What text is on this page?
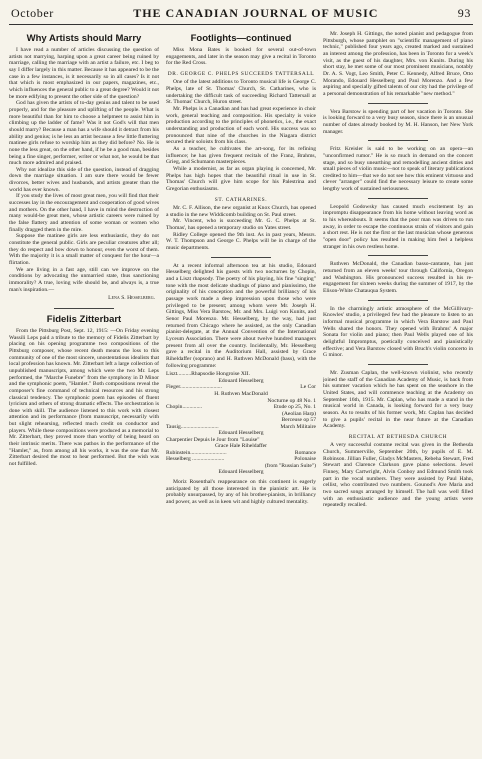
October	THE CANADIAN JOURNAL OF MUSIC	93
Why Artists should Marry

I have read a number of articles discussing the question of artists not marrying, harping upon a great career being ruined by marriage, calling the marriage with an artist a failure, etc. I beg to say I differ largely in this matter. Because it has appeared to be the case in a few instances, is it necessarily so in all cases? Is it not that which is most emphasized in our papers, magazines, etc., which influences the general public to a great degree? Would it not be more edifying to present the other side of the question?

God has given the artists of to-day genius and talent to be used properly, and for the pleasure and uplifting of the people. What is more beautiful than for him to choose a helpmeet to assist him in climbing up the ladder of fame? Was it not God's will that men should marry? Because a man has a wife should it detract from his ability and genius; is he less an artist because a few little fluttering matinee girls refuse to worship him as they did before? No. He is none the less great, on the other hand, if he be a good man, besides being a fine singer, performer, writer or what not, he would be that much more admired and praised.

Why not idealize this side of the question, instead of dragging down the marriage situation. I am sure there would be fewer divorces, better wives and husbands, and artists greater than the world has ever known.

If you study the lives of most great men, you will find that their successes lay in the encouragement and cooperation of good wives and mothers. On the other hand, I have in mind the destruction of many would-be great men, whose artistic careers were ruined by the false flattery and attention of some woman or women who finally dragged them in the mire.

Suppose the matinee girls are less enthusiastic, they do not constitute the general public. Girls are peculiar creatures after all; they do respect and bow down to honour, even the worst of them. With the majority it is a small matter of conquest for the hour—a flirtation.

We are living in a fast age, still can we improve on the conditions by advocating the unmarried state, thus sanctioning immorality? A true, loving wife should be, and always is, a true man's inspiration.—

Lena S. Hesselberg.
Fidelis Zitterbart

From the Pittsburg Post, Sept. 12, 1915: —On Friday evening Wassili Leps paid a tribute to the memory of Fidelis Zitterbart by placing on his opening programme two compositions of the Pittsburg composer, whose recent death means the loss to this community of one of the most sincere, unostentatious idealists that local profession has known. Mr. Zitterbart left a large collection of unpublished manuscripts, among which were the two Mr. Leps performed, the "Marche Funebre" from the symphony in D Minor and the symphonic poem, "Hamlet." Both compositions reveal the composer's fine command of technical resources and his strong classical tendency. The symphonic poem has episodes of fluent lyricism and others of strong dramatic effects. The orchestration is done with skill. The audience listened to this work with closest attention and its performance (from manuscript, necessarily with but slight rehearsing, reflected much credit on conductor and players. While these compositions were produced as a memorial to Mr. Zitterbart, they proved more than worthy of being heard on their intrinsic merits. There was pathos in the performance of the "Hamlet," as, from among all his works, it was the one that Mr. Zitterbart desired the most to hear performed. But the wish was not fulfilled.

Footlights—continued

Miss Mona Bates is booked for several out-of-town engagements, and later in the season may give a recital in Toronto for the Red Cross.

DR. GEORGE C. PHELPS SUCCEEDS TATTERSALL

One of the latest additions to Toronto musical life is George C. Phelps, late of St. Thomas' Church, St. Catharines, who is undertaking the difficult task of succeeding Richard Tattersall at St. Thomas' Church, Huron street.

Mr. Phelps is a Canadian and has had great experience in choir work, general teaching and composition. His specialty is voice production according to the principles of phonetics, i.e., the exact understanding and production of each word. His success was so pronounced that nine of the churches in the Niagara district secured their soloists from his class.

As a teacher, he cultivates the art-song, for its refining influence; he has given frequent recitals of the Franz, Brahms, Grieg, and Schumann masterpieces.

While a modernist, as far as organ playing is concerned, Mr. Phelps has high hopes that the beautiful ritual in use in St. Thomas' Church will give him scope for his Palestrina and Gregorian enthusiasms.

ST. CATHARINES.

Mr. C. F. Allison, the new organist at Knox Church, has opened a studio in the new Widdicomb building on St. Paul street.

Mr. Vincent, who is succeeding Mr. G. C. Phelps at St. Thomas', has opened a temporary studio on Yates street.

Ridley College opened the 9th inst. As in past years, Messrs. W. T. Thompson and George C. Phelps will be in charge of the music departments.

At a recent informal afternoon tea at his studio, Edouard Hesselberg delighted his guests with two nocturnes by Chopin, and a Liszt rhapsody. The poetry of his playing, his fine "singing" tone with the most delicate shadings of piano and pianissimo, the originality of his conception and the powerful brilliancy of his passage work made a deep impression upon those who were privileged to be present; among whom were Mr. Joseph H. Gittings, Miss Vera Barstow, Mr. and Mrs. Luigi von Kunits, and Senor Paul Morenzo. Mr. Hesselberg, by the way, had just returned from Chicago where he assisted, as the only Canadian pianist-delegate, at the Annual Convention of the International Lyceum Association. There were about twelve hundred managers present from all over the country. Incidentally, Mr. Hesselberg gave a recital in the Auditorium Hall, assisted by Grace Riheldaffer (soprano) and H. Ruthven McDonald (bass), with the following programme:

Liszt..........Rhapsodie Hongroise XII.
Edouard Hesselberg
Fleger..............................	Le Cor
H. Ruthven MacDonald
Nocturne op 48 No. 1
Chopin..............	Etude op 25, No. 1
(Aeolian Harp)
Berceuse op 57
Tausig...........................	March Militaire
Edouard Hesselberg
Charpentier Depuis le Jour from "Louise"
Grace Hale Riheldaffer
Rubinstein..........................	Romance
Hesselberg .......................	Polonaise
(from "Russian Suite")
Edouard Hesselberg

Moriz Rosenthal's reappearance on this continent is eagerly anticipated by all those interested in the pianistic art. He is probably unsurpassed, by any of his brother-pianists, in brilliancy and power, as well as in keen wit and highly cultured mentality.

Mr. Joseph H. Gittings, the noted pianist and pedagogue from Pittsburgh, whose pamphlet on "scientific management of piano technic," published four years ago, created marked and sustained an interest among the profession, has been in Toronto for a week's visit, as the guest of his daughter, Mrs. von Kunits. During his short stay, he met some of our most prominent musicians, notably Dr. A. S. Vogt, Leo Smith, Peter C. Kennedy, Alfred Bruce, Otto Morando, Edouard Hesselberg and Paul Morenzo. And a few aspiring and specially gifted talents of our city had the privilege of a personal demonstration of his remarkable "new method."

Vera Barstow is spending part of her vacation in Toronto. She is looking forward to a very busy season, since there is an unusual number of dates already booked by M. H. Hanson, her New York manager.

Fritz Kreisler is said to be working on an opera—an "unconfirmed rumor." He is so much in demand on the concert stage, and so busy unearthing and remodelling ancient ditties and small pieces of violin music—not to speak of literary publications credited to him—that we do not see how this eminent virtuoso and clever "arranger" could find the necessary leisure to create some lengthy work of sustained seriousness.

Leopold Godowsky has caused much excitement by an impromptu disappearance from his home without leaving word as to his whereabouts. It seems that the poor man was driven to run away, in order to escape the continuous strain of visitors and gain a short rest. He is not the first or the last musician whose generous "open door" policy has resulted in making him feel a helpless stranger in his own restless home.

Ruthven McDonald, the Canadian basso-cantante, has just returned from an eleven weeks' tour through California, Oregon and Washington. His pronounced success resulted in his re-engagement for sixteen weeks during the summer of 1917, by the Elison-White Chatauqua System.

In the charmingly artistic atmosphere of the McGillivary-Knowles' studio, a privileged few had the pleasure to listen to an informal musical programme in which Vera Barstow and Paul Wells shared the honors. They opened with Brahms' A major Sonata for violin and piano; then Paul Wells played one of his delightful Impromptus, poetically conceived and pianistically effective; and Vera Barstow closed with Bruch's violin concerto in G minor.

Mr. Zusman Caplan, the well-known violinist, who recently joined the staff of the Canadian Academy of Music, is back from his summer vacation which he has spent on the seashore in the United States, and will commence teaching at the Academy on September 16th, 1915. Mr. Caplan, who has made a stand in the musical world in Canada, is looking forward for a very busy season. As to results of his former work, Mr. Caplan has decided to give a pupils' recital in the near future at the Canadian Academy.

RECITAL AT BETHESDA CHURCH

A very successful costume recital was given in the Bethesda Church, Summerville, September 20th, by pupils of E. M. Robinson. Jillian Fuller, Gladys McMasters, Rebeha Stewart, Fred Stewart and Clarence Clarkson gave piano selections. Jewel Finney, Mary Cartwright, Alvin Conboy and Edmund Smith took part in the vocal numbers. They were assisted by Paul Hahn, cellist, who contributed two numbers. Gounod's Ave Maria and two sacred songs arranged by himself. The hall was well filled with an enthusiastic audience and the young artists were repeatedly recalled.
